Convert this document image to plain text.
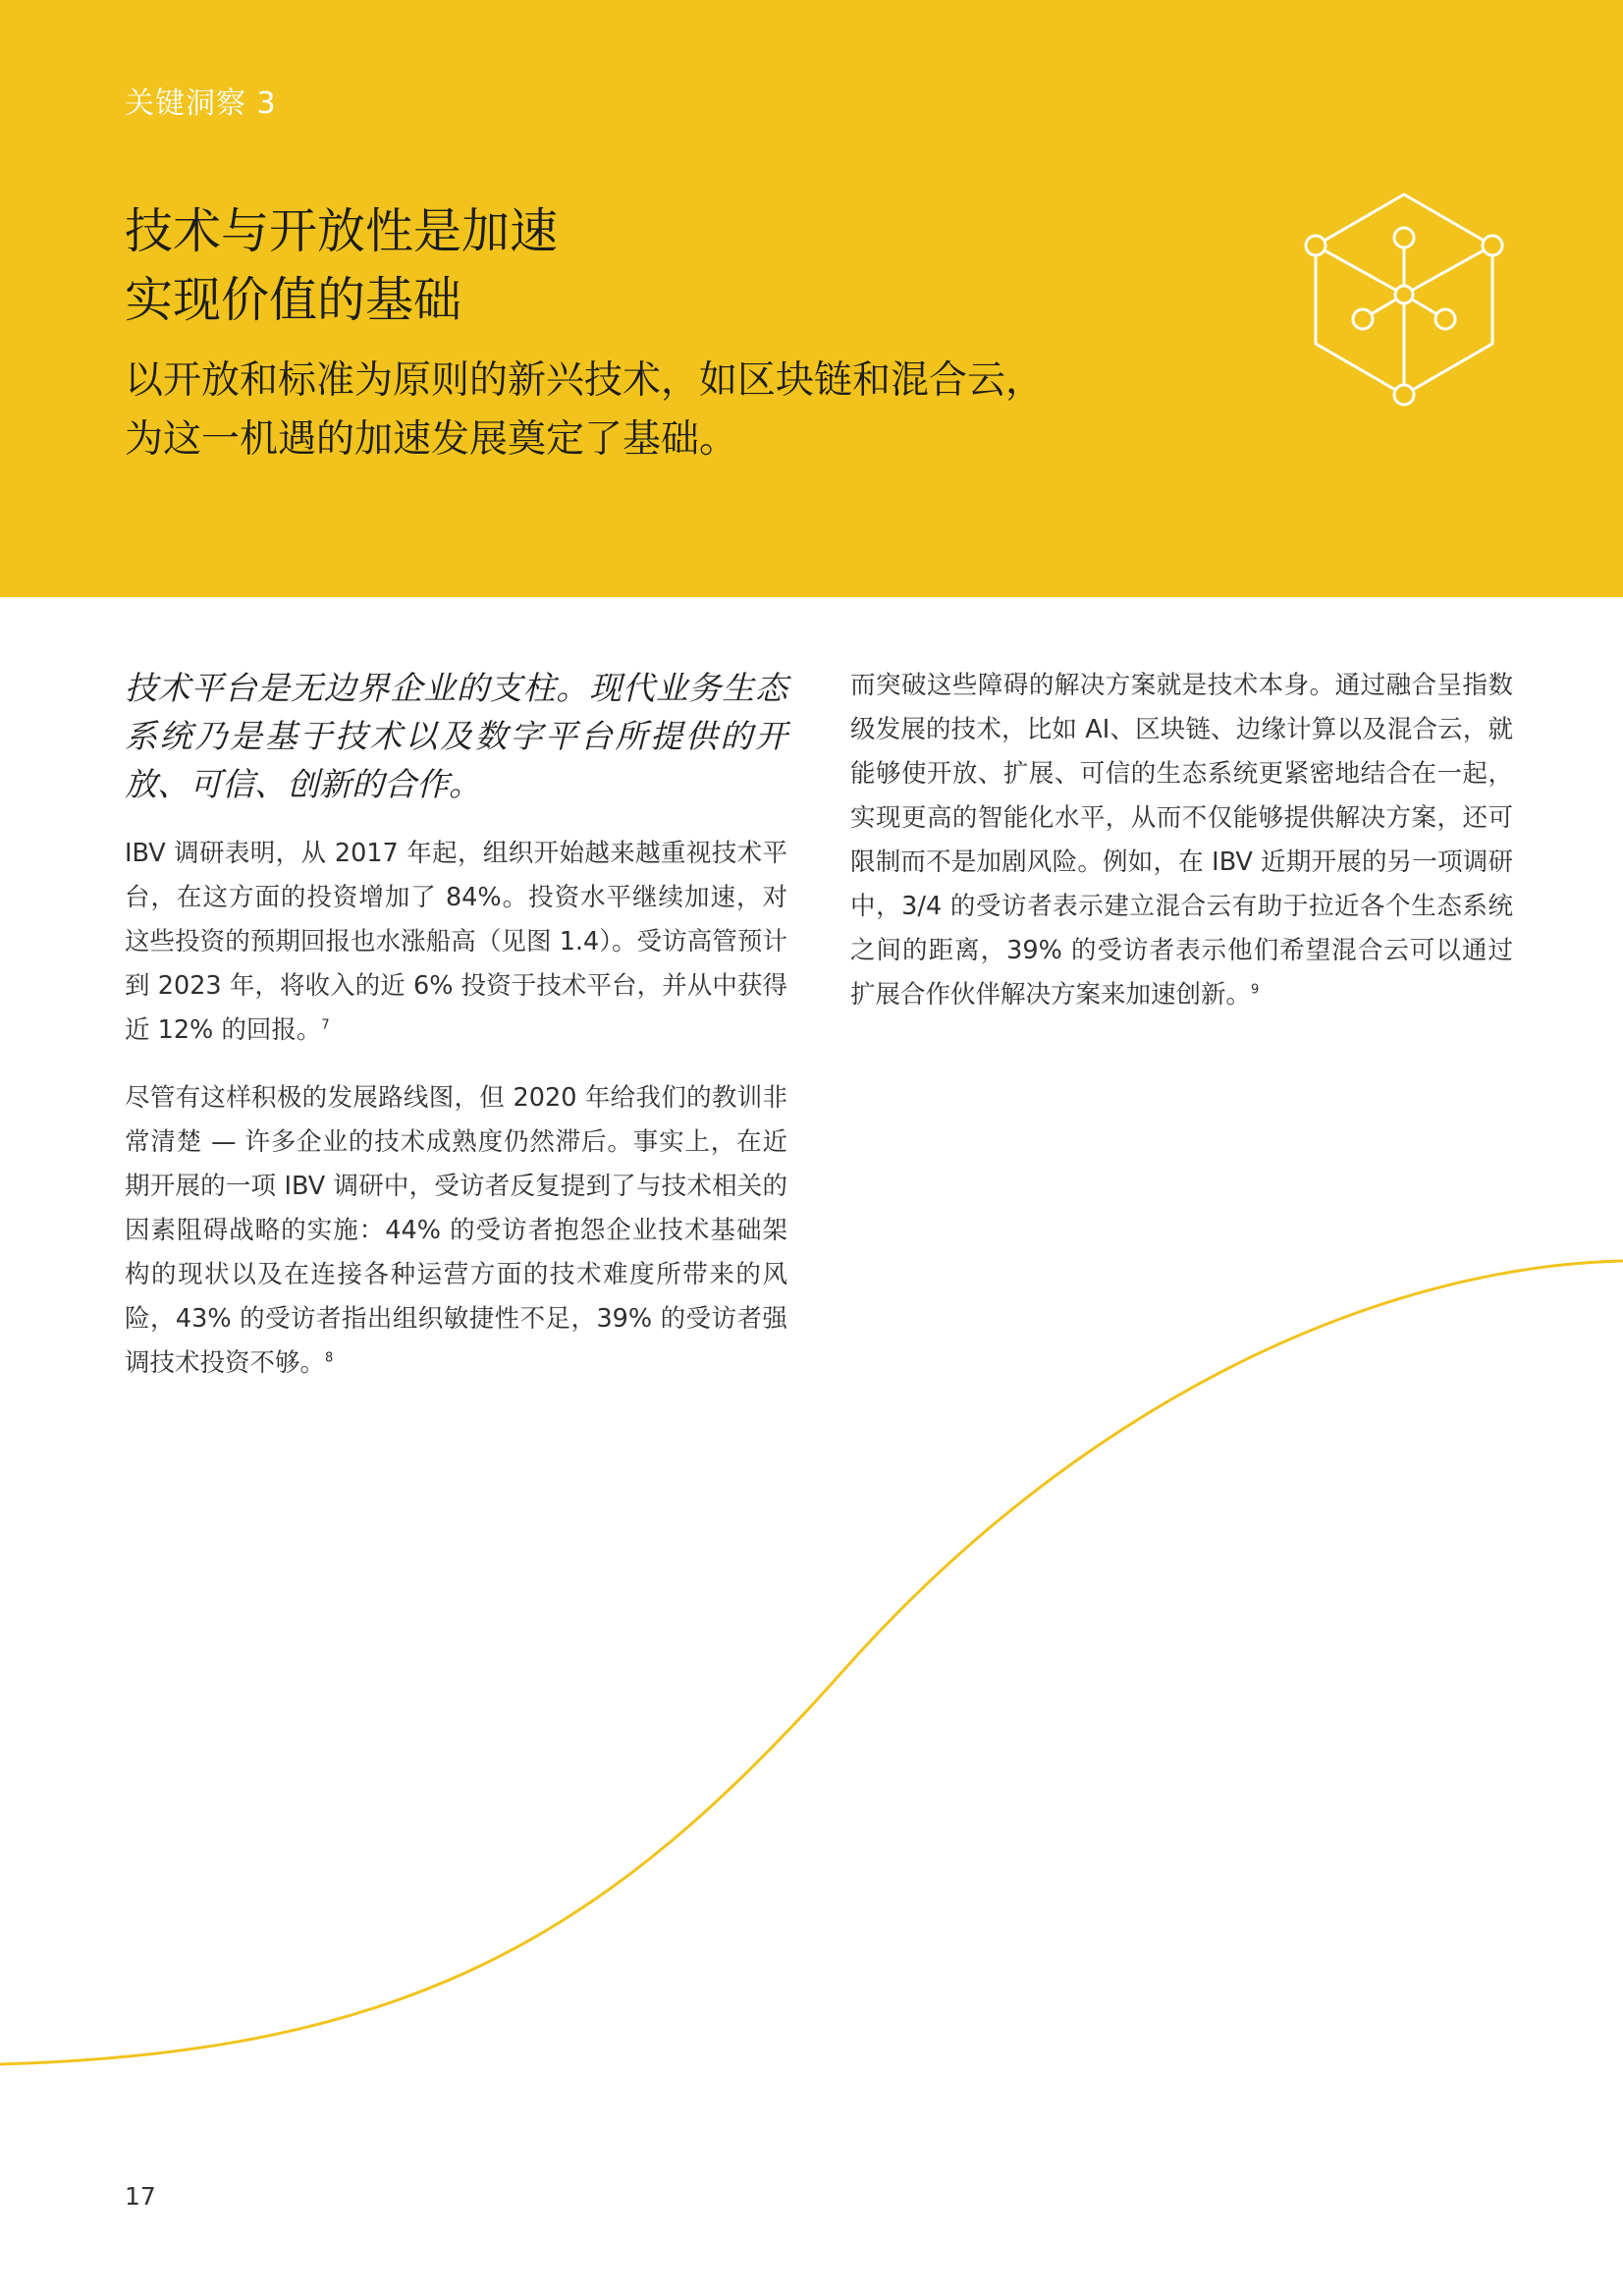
关键洞察 3
技术与开放性是加速
实现价值的基础
以开放和标准为原则的新兴技术，如区块链和混合云，
为这一机遇的加速发展奠定了基础。

技术平台是无边界企业的支柱。现代业务生态系统乃是基于技术以及数字平台所提供的开放、可信、创新的合作。

IBV 调研表明，从 2017 年起，组织开始越来越重视技术平台，在这方面的投资增加了 84%。投资水平继续加速，对这些投资的预期回报也水涨船高（见图 1.4）。受访高管预计到 2023 年，将收入的近 6% 投资于技术平台，并从中获得近 12% 的回报。$^7$

尽管有这样积极的发展路线图，但 2020 年给我们的教训非常清楚 — 许多企业的技术成熟度仍然滞后。事实上，在近期开展的一项 IBV 调研中，受访者反复提到了与技术相关的因素阻碍战略的实施：44% 的受访者抱怨企业技术基础架构的现状以及在连接各种运营方面的技术难度所带来的风险，43% 的受访者指出组织敏捷性不足，39% 的受访者强调技术投资不够。$^8$

而突破这些障碍的解决方案就是技术本身。通过融合呈指数级发展的技术，比如 AI、区块链、边缘计算以及混合云，就能够使开放、扩展、可信的生态系统更紧密地结合在一起，实现更高的智能化水平，从而不仅能够提供解决方案，还可限制而不是加剧风险。例如，在 IBV 近期开展的另一项调研中，3/4 的受访者表示建立混合云有助于拉近各个生态系统之间的距离，39% 的受访者表示他们希望混合云可以通过扩展合作伙伴解决方案来加速创新。$^9$

17
